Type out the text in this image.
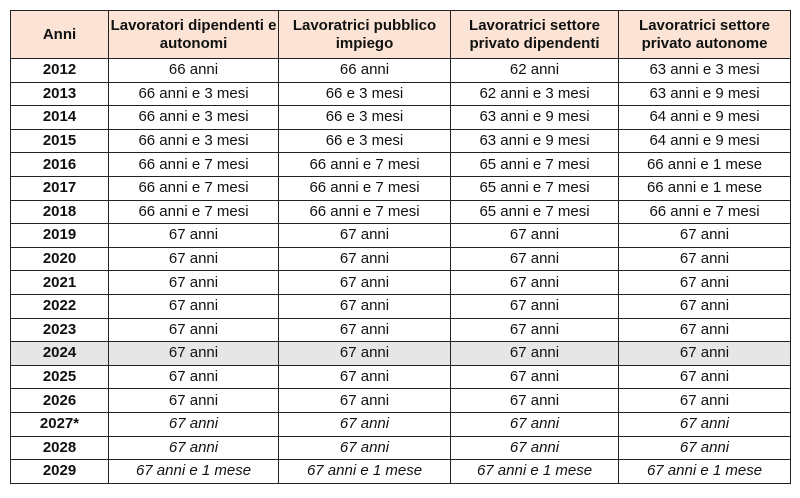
Anni	Lavoratori dipendenti e autonomi	Lavoratrici pubblico impiego	Lavoratrici settore privato dipendenti	Lavoratrici settore privato autonome
2012	66 anni	66 anni	62 anni	63 anni e 3 mesi
2013	66 anni e 3 mesi	66 e 3 mesi	62 anni e 3 mesi	63 anni e 9 mesi
2014	66 anni e 3 mesi	66 e 3 mesi	63 anni e 9 mesi	64 anni e 9 mesi
2015	66 anni e 3 mesi	66 e 3 mesi	63 anni e 9 mesi	64 anni e 9 mesi
2016	66 anni e 7 mesi	66 anni e 7 mesi	65 anni e 7 mesi	66 anni e 1 mese
2017	66 anni e 7 mesi	66 anni e 7 mesi	65 anni e 7 mesi	66 anni e 1 mese
2018	66 anni e 7 mesi	66 anni e 7 mesi	65 anni e 7 mesi	66 anni e 7 mesi
2019	67 anni	67 anni	67 anni	67 anni
2020	67 anni	67 anni	67 anni	67 anni
2021	67 anni	67 anni	67 anni	67 anni
2022	67 anni	67 anni	67 anni	67 anni
2023	67 anni	67 anni	67 anni	67 anni
2024	67 anni	67 anni	67 anni	67 anni
2025	67 anni	67 anni	67 anni	67 anni
2026	67 anni	67 anni	67 anni	67 anni
2027*	67 anni	67 anni	67 anni	67 anni
2028	67 anni	67 anni	67 anni	67 anni
2029	67 anni e 1 mese	67 anni e 1 mese	67 anni e 1 mese	67 anni e 1 mese
